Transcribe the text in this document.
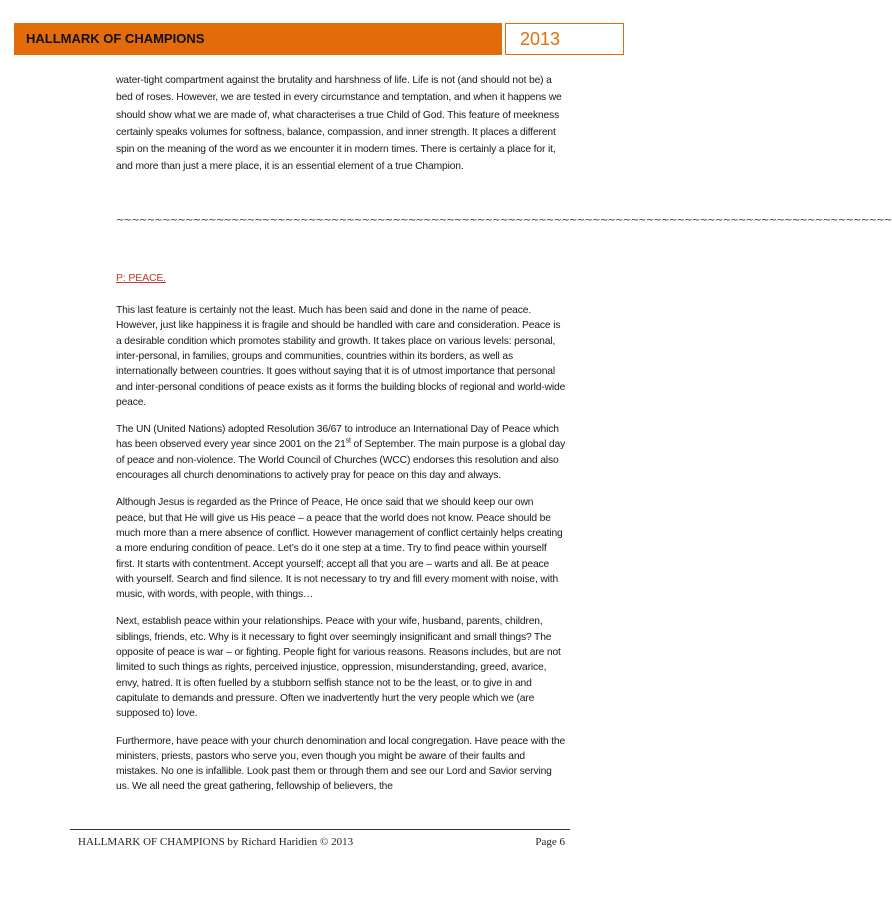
HALLMARK OF CHAMPIONS	2013

water-tight compartment against the brutality and harshness of life. Life is not (and should not be) a bed of roses. However, we are tested in every circumstance and temptation, and when it happens we should show what we are made of, what characterises a true Child of God. This feature of meekness certainly speaks volumes for softness, balance, compassion, and inner strength. It places a different spin on the meaning of the word as we encounter it in modern times. There is certainly a place for it, and more than just a mere place, it is an essential element of a true Champion.

~~~~~~~~~~~~~~~~~~~~~~~~~~~~~~~~~~~~~~~~~~~~~~~~~~~~~~~~~~~~~~~~~~~~~~~~~~~~~~~~~~~~~~~~~~~~~~~~~~~~~
P: PEACE.

This last feature is certainly not the least. Much has been said and done in the name of peace. However, just like happiness it is fragile and should be handled with care and consideration. Peace is a desirable condition which promotes stability and growth. It takes place on various levels: personal, inter-personal, in families, groups and communities, countries within its borders, as well as internationally between countries. It goes without saying that it is of utmost importance that personal and inter-personal conditions of peace exists as it forms the building blocks of regional and world-wide peace.

The UN (United Nations) adopted Resolution 36/67 to introduce an International Day of Peace which has been observed every year since 2001 on the 21st of September. The main purpose is a global day of peace and non-violence. The World Council of Churches (WCC) endorses this resolution and also encourages all church denominations to actively pray for peace on this day and always.

Although Jesus is regarded as the Prince of Peace, He once said that we should keep our own peace, but that He will give us His peace – a peace that the world does not know. Peace should be much more than a mere absence of conflict. However management of conflict certainly helps creating a more enduring condition of peace. Let’s do it one step at a time. Try to find peace within yourself first. It starts with contentment. Accept yourself; accept all that you are – warts and all. Be at peace with yourself. Search and find silence. It is not necessary to try and fill every moment with noise, with music, with words, with people, with things…

Next, establish peace within your relationships. Peace with your wife, husband, parents, children, siblings, friends, etc. Why is it necessary to fight over seemingly insignificant and small things? The opposite of peace is war – or fighting. People fight for various reasons. Reasons includes, but are not limited to such things as rights, perceived injustice, oppression, misunderstanding, greed, avarice, envy, hatred. It is often fuelled by a stubborn selfish stance not to be the least, or to give in and capitulate to demands and pressure. Often we inadvertently hurt the very people which we (are supposed to) love.

Furthermore, have peace with your church denomination and local congregation. Have peace with the ministers, priests, pastors who serve you, even though you might be aware of their faults and mistakes. No one is infallible. Look past them or through them and see our Lord and Savior serving us. We all need the great gathering, fellowship of believers, the

HALLMARK OF CHAMPIONS by Richard Haridien © 2013	Page 6
